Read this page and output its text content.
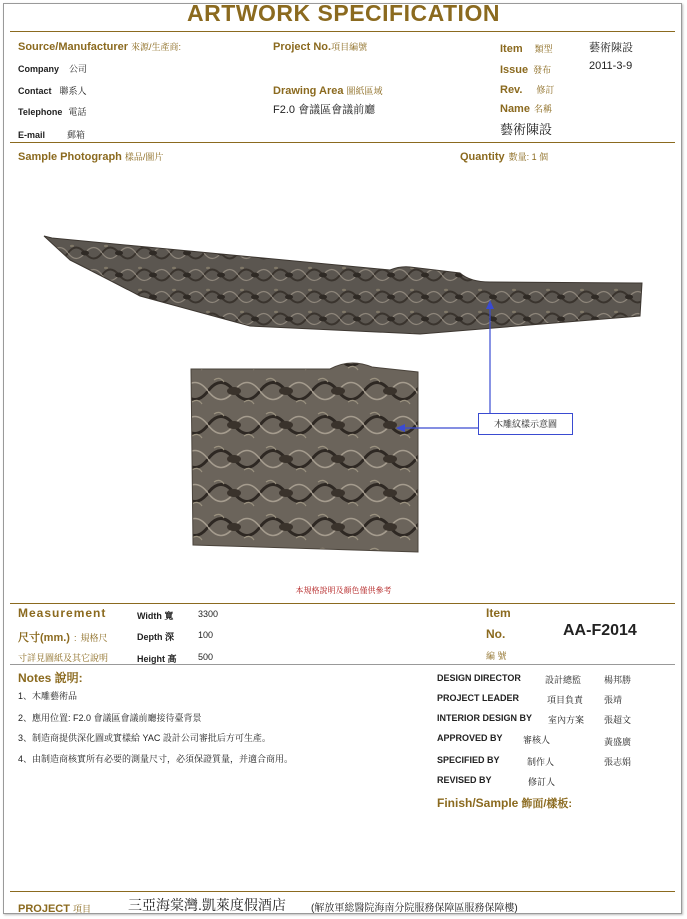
ARTWORK SPECIFICATION
Source/Manufacturer 來源/生產商:
Company 公司
Contact 聯系人
Telephone 電話
E-mail 郵箱
Project No.項目編號
Drawing Area 圖紙區域
F2.0 會議區會議前廳
Item 類型	藝術陳設
Issue 發布	2011-3-9
Rev. 修訂
Name 名稱
藝術陳設
Sample Photograph 樣品/圖片	Quantity 數量: 1 個
木雕紋樣示意圖
本規格說明及顏色僅供參考
Measurement
尺寸(mm.) : 規格尺
寸詳見圖紙及其它說明
Width 寬	3300
Depth 深	100
Height 高 500
Item
No.
編 號
AA-F2014
Notes 說明:
1、木雕藝術品
2、應用位置: F2.0 會議區會議前廳接待臺背景
3、制造商提供深化圖或實樣給 YAC 設計公司審批后方可生產。
4、由制造商核實所有必要的測量尺寸，必須保證質量，并適合商用。
DESIGN DIRECTOR	設計總監	楊邦勝
PROJECT LEADER	項目負責 張靖
INTERIOR DESIGN BY 室內方案 張超文
APPROVED BY 審核人	黃盛廣
SPECIFIED BY	制作人	張志娟
REVISED BY	修訂人
Finish/Sample 飾面/樣板:
PROJECT 項目	三亞海棠灣.凱萊度假酒店	(解放軍総醫院海南分院服務保障區服務保障樓)
